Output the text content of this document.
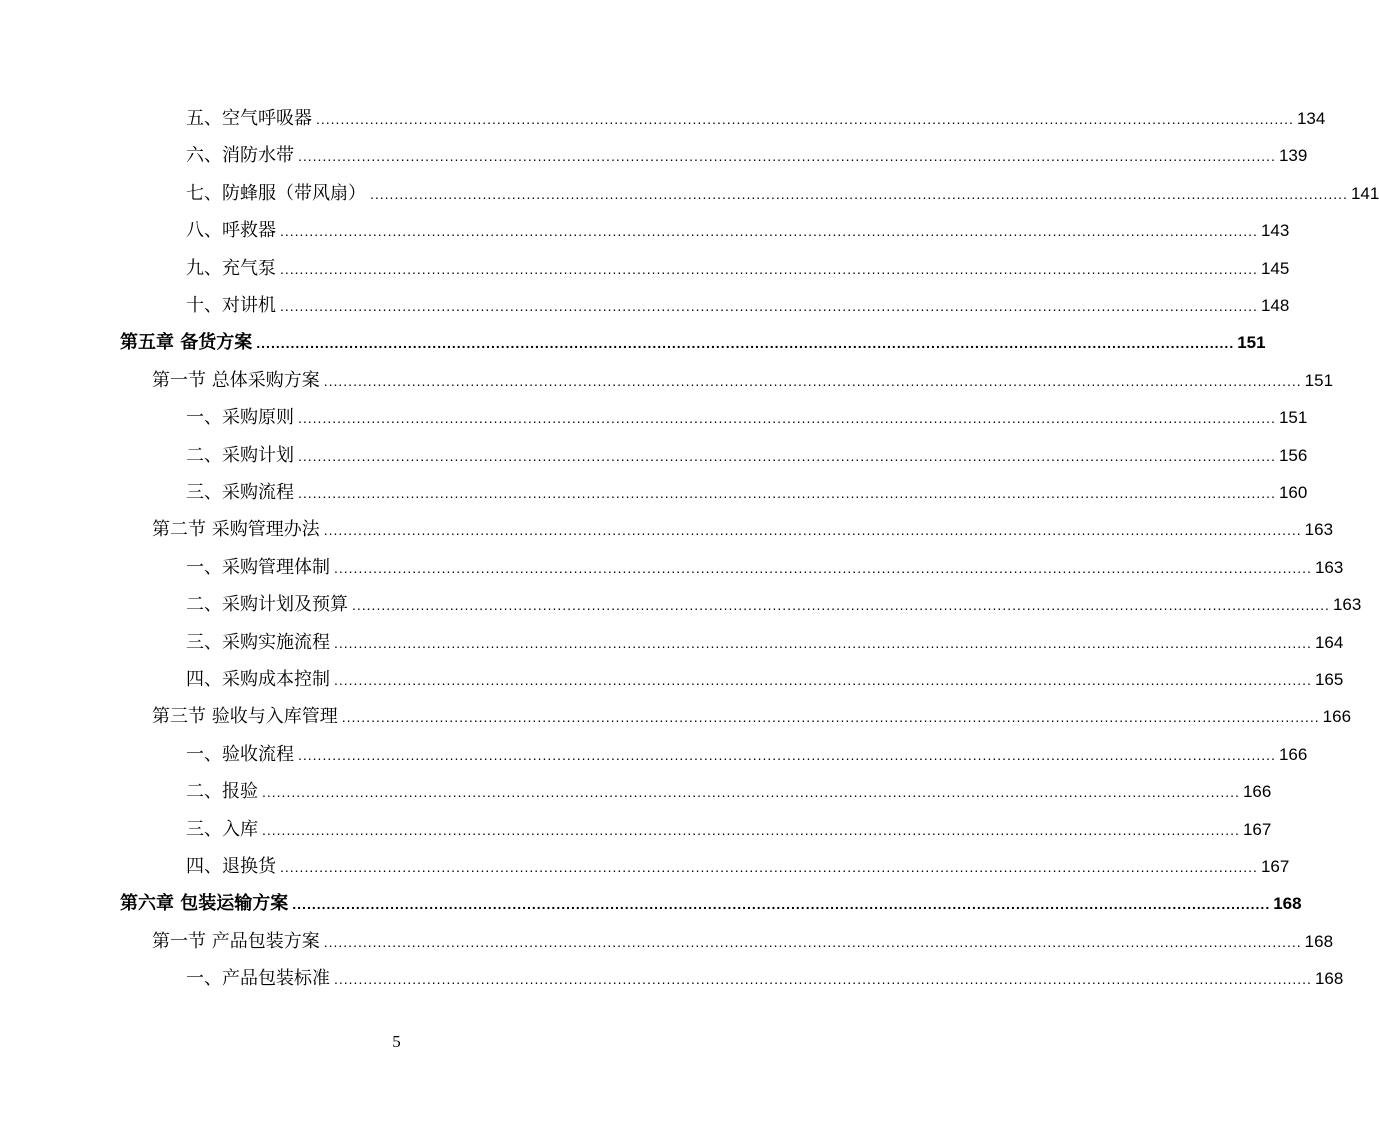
五、空气呼吸器 ........................................................................................................................................................................................................ 134
六、消防水带 ........................................................................................................................................................................................................ 139
七、防蜂服（带风扇） ........................................................................................................................................................................................................ 141
八、呼救器 ........................................................................................................................................................................................................ 143
九、充气泵 ........................................................................................................................................................................................................ 145
十、对讲机 ........................................................................................................................................................................................................ 148
第五章 备货方案 ........................................................................................................................................................................................................ 151
第一节 总体采购方案 ........................................................................................................................................................................................................ 151
一、采购原则 ........................................................................................................................................................................................................ 151
二、采购计划 ........................................................................................................................................................................................................ 156
三、采购流程 ........................................................................................................................................................................................................ 160
第二节 采购管理办法 ........................................................................................................................................................................................................ 163
一、采购管理体制 ........................................................................................................................................................................................................ 163
二、采购计划及预算 ........................................................................................................................................................................................................ 163
三、采购实施流程 ........................................................................................................................................................................................................ 164
四、采购成本控制 ........................................................................................................................................................................................................ 165
第三节 验收与入库管理 ........................................................................................................................................................................................................ 166
一、验收流程 ........................................................................................................................................................................................................ 166
二、报验 ........................................................................................................................................................................................................ 166
三、入库 ........................................................................................................................................................................................................ 167
四、退换货 ........................................................................................................................................................................................................ 167
第六章 包装运输方案 ........................................................................................................................................................................................................ 168
第一节 产品包装方案 ........................................................................................................................................................................................................ 168
一、产品包装标准 ........................................................................................................................................................................................................ 168
5
